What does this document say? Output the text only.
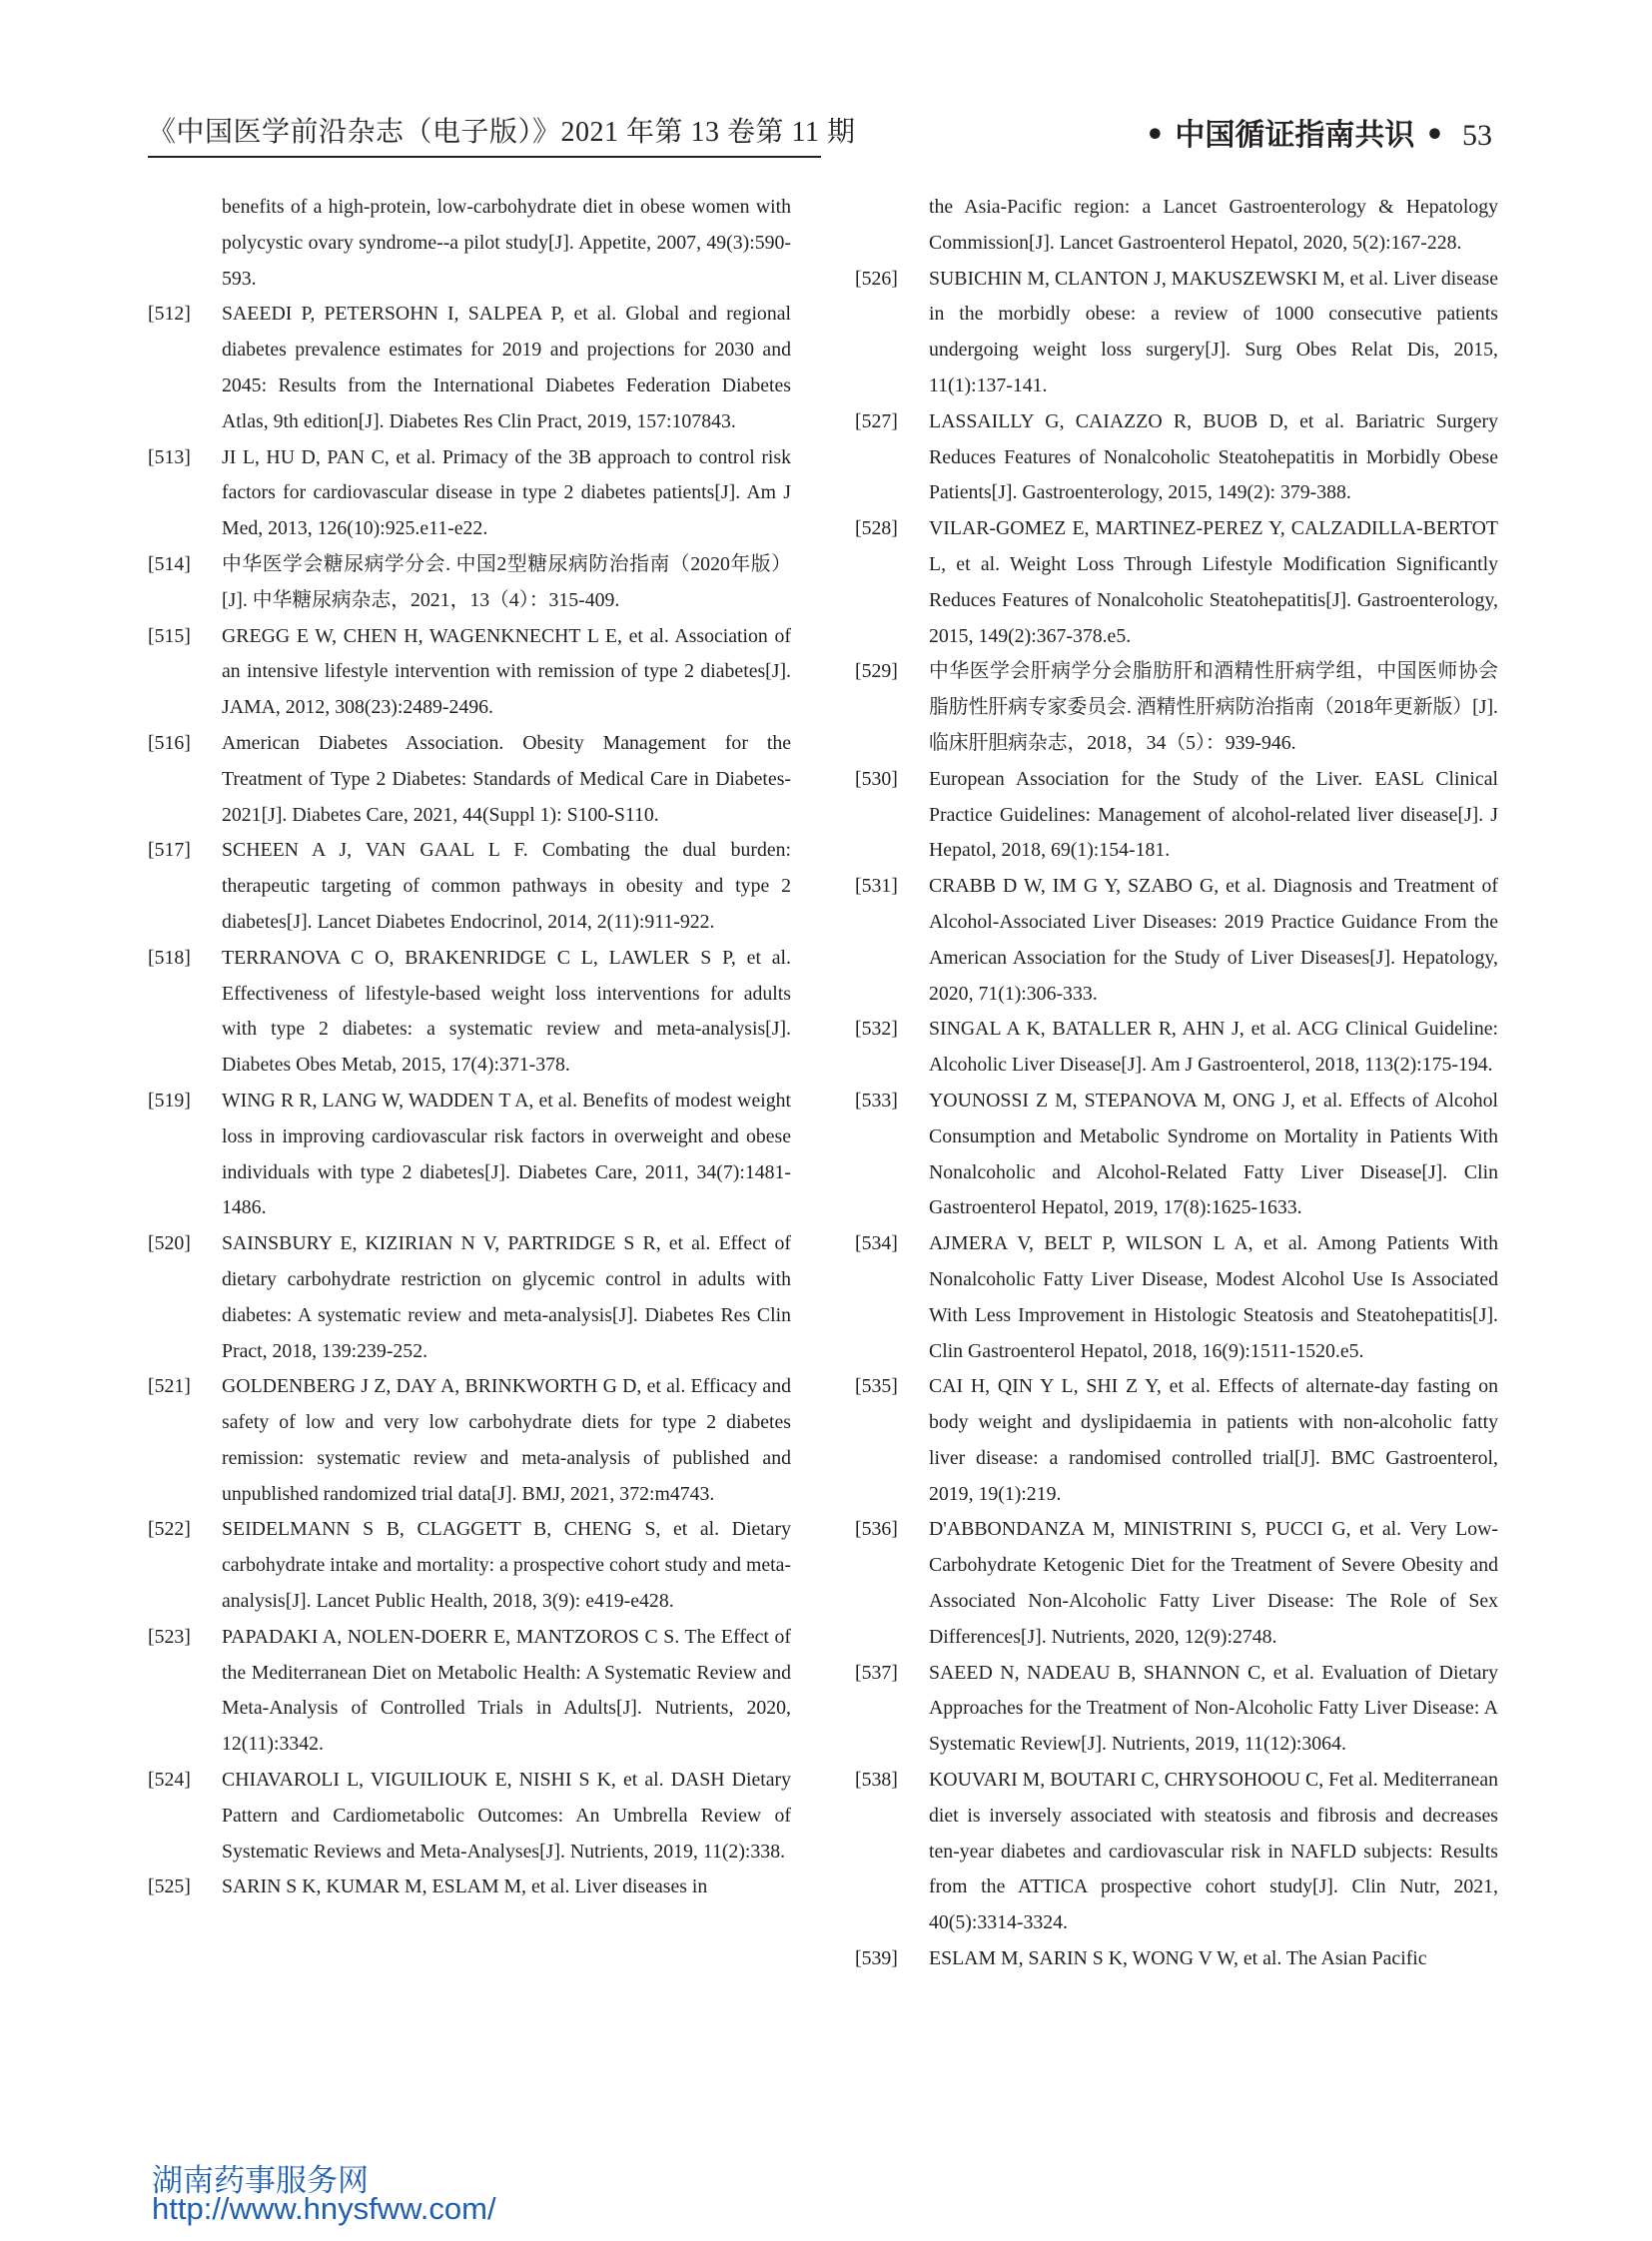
《中国医学前沿杂志（电子版）》2021 年第 13 卷第 11 期	• 中国循证指南共识 • 53
benefits of a high-protein, low-carbohydrate diet in obese women with polycystic ovary syndrome--a pilot study[J]. Appetite, 2007, 49(3):590-593.
[512] SAEEDI P, PETERSOHN I, SALPEA P, et al. Global and regional diabetes prevalence estimates for 2019 and projections for 2030 and 2045: Results from the International Diabetes Federation Diabetes Atlas, 9th edition[J]. Diabetes Res Clin Pract, 2019, 157:107843.
[513] JI L, HU D, PAN C, et al. Primacy of the 3B approach to control risk factors for cardiovascular disease in type 2 diabetes patients[J]. Am J Med, 2013, 126(10):925.e11-e22.
[514] 中华医学会糖尿病学分会. 中国2型糖尿病防治指南（2020年版）[J]. 中华糖尿病杂志，2021，13（4）：315-409.
[515] GREGG E W, CHEN H, WAGENKNECHT L E, et al. Association of an intensive lifestyle intervention with remission of type 2 diabetes[J]. JAMA, 2012, 308(23):2489-2496.
[516] American Diabetes Association. Obesity Management for the Treatment of Type 2 Diabetes: Standards of Medical Care in Diabetes-2021[J]. Diabetes Care, 2021, 44(Suppl 1): S100-S110.
[517] SCHEEN A J, VAN GAAL L F. Combating the dual burden: therapeutic targeting of common pathways in obesity and type 2 diabetes[J]. Lancet Diabetes Endocrinol, 2014, 2(11):911-922.
[518] TERRANOVA C O, BRAKENRIDGE C L, LAWLER S P, et al. Effectiveness of lifestyle-based weight loss interventions for adults with type 2 diabetes: a systematic review and meta-analysis[J]. Diabetes Obes Metab, 2015, 17(4):371-378.
[519] WING R R, LANG W, WADDEN T A, et al. Benefits of modest weight loss in improving cardiovascular risk factors in overweight and obese individuals with type 2 diabetes[J]. Diabetes Care, 2011, 34(7):1481-1486.
[520] SAINSBURY E, KIZIRIAN N V, PARTRIDGE S R, et al. Effect of dietary carbohydrate restriction on glycemic control in adults with diabetes: A systematic review and meta-analysis[J]. Diabetes Res Clin Pract, 2018, 139:239-252.
[521] GOLDENBERG J Z, DAY A, BRINKWORTH G D, et al. Efficacy and safety of low and very low carbohydrate diets for type 2 diabetes remission: systematic review and meta-analysis of published and unpublished randomized trial data[J]. BMJ, 2021, 372:m4743.
[522] SEIDELMANN S B, CLAGGETT B, CHENG S, et al. Dietary carbohydrate intake and mortality: a prospective cohort study and meta-analysis[J]. Lancet Public Health, 2018, 3(9): e419-e428.
[523] PAPADAKI A, NOLEN-DOERR E, MANTZOROS C S. The Effect of the Mediterranean Diet on Metabolic Health: A Systematic Review and Meta-Analysis of Controlled Trials in Adults[J]. Nutrients, 2020, 12(11):3342.
[524] CHIAVAROLI L, VIGUILIOUK E, NISHI S K, et al. DASH Dietary Pattern and Cardiometabolic Outcomes: An Umbrella Review of Systematic Reviews and Meta-Analyses[J]. Nutrients, 2019, 11(2):338.
[525] SARIN S K, KUMAR M, ESLAM M, et al. Liver diseases in
the Asia-Pacific region: a Lancet Gastroenterology & Hepatology Commission[J]. Lancet Gastroenterol Hepatol, 2020, 5(2):167-228.
[526] SUBICHIN M, CLANTON J, MAKUSZEWSKI M, et al. Liver disease in the morbidly obese: a review of 1000 consecutive patients undergoing weight loss surgery[J]. Surg Obes Relat Dis, 2015, 11(1):137-141.
[527] LASSAILLY G, CAIAZZO R, BUOB D, et al. Bariatric Surgery Reduces Features of Nonalcoholic Steatohepatitis in Morbidly Obese Patients[J]. Gastroenterology, 2015, 149(2): 379-388.
[528] VILAR-GOMEZ E, MARTINEZ-PEREZ Y, CALZADILLA-BERTOT L, et al. Weight Loss Through Lifestyle Modification Significantly Reduces Features of Nonalcoholic Steatohepatitis[J]. Gastroenterology, 2015, 149(2):367-378.e5.
[529] 中华医学会肝病学分会脂肪肝和酒精性肝病学组，中国医师协会脂肪性肝病专家委员会. 酒精性肝病防治指南（2018年更新版）[J]. 临床肝胆病杂志，2018，34（5）：939-946.
[530] European Association for the Study of the Liver. EASL Clinical Practice Guidelines: Management of alcohol-related liver disease[J]. J Hepatol, 2018, 69(1):154-181.
[531] CRABB D W, IM G Y, SZABO G, et al. Diagnosis and Treatment of Alcohol-Associated Liver Diseases: 2019 Practice Guidance From the American Association for the Study of Liver Diseases[J]. Hepatology, 2020, 71(1):306-333.
[532] SINGAL A K, BATALLER R, AHN J, et al. ACG Clinical Guideline: Alcoholic Liver Disease[J]. Am J Gastroenterol, 2018, 113(2):175-194.
[533] YOUNOSSI Z M, STEPANOVA M, ONG J, et al. Effects of Alcohol Consumption and Metabolic Syndrome on Mortality in Patients With Nonalcoholic and Alcohol-Related Fatty Liver Disease[J]. Clin Gastroenterol Hepatol, 2019, 17(8):1625-1633.
[534] AJMERA V, BELT P, WILSON L A, et al. Among Patients With Nonalcoholic Fatty Liver Disease, Modest Alcohol Use Is Associated With Less Improvement in Histologic Steatosis and Steatohepatitis[J]. Clin Gastroenterol Hepatol, 2018, 16(9):1511-1520.e5.
[535] CAI H, QIN Y L, SHI Z Y, et al. Effects of alternate-day fasting on body weight and dyslipidaemia in patients with non-alcoholic fatty liver disease: a randomised controlled trial[J]. BMC Gastroenterol, 2019, 19(1):219.
[536] D'ABBONDANZA M, MINISTRINI S, PUCCI G, et al. Very Low-Carbohydrate Ketogenic Diet for the Treatment of Severe Obesity and Associated Non-Alcoholic Fatty Liver Disease: The Role of Sex Differences[J]. Nutrients, 2020, 12(9):2748.
[537] SAEED N, NADEAU B, SHANNON C, et al. Evaluation of Dietary Approaches for the Treatment of Non-Alcoholic Fatty Liver Disease: A Systematic Review[J]. Nutrients, 2019, 11(12):3064.
[538] KOUVARI M, BOUTARI C, CHRYSOHOOU C, Fet al. Mediterranean diet is inversely associated with steatosis and fibrosis and decreases ten-year diabetes and cardiovascular risk in NAFLD subjects: Results from the ATTICA prospective cohort study[J]. Clin Nutr, 2021, 40(5):3314-3324.
[539] ESLAM M, SARIN S K, WONG V W, et al. The Asian Pacific
湖南药事服务网
http://www.hnysfww.com/
